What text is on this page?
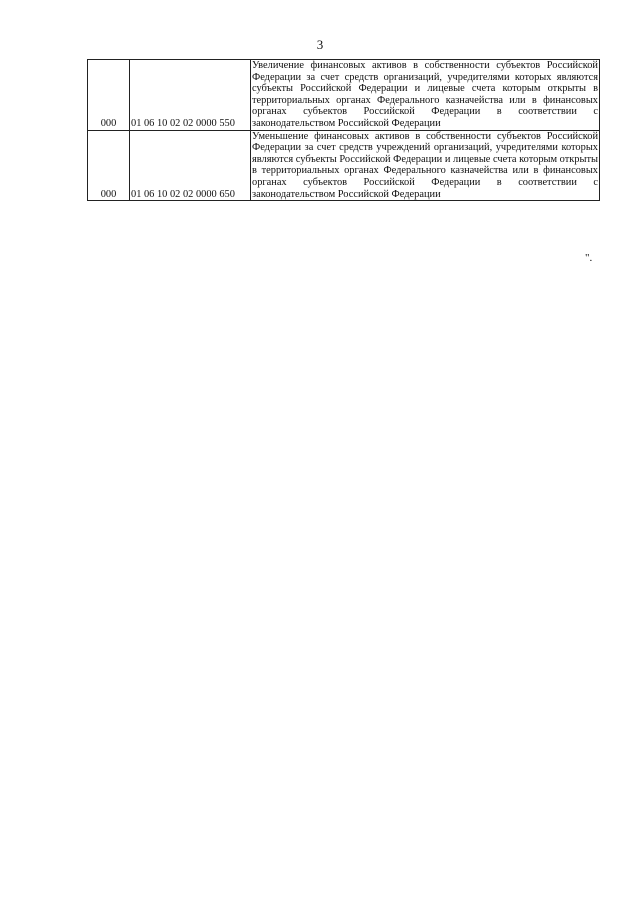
3
000	01 06 10 02 02 0000 550	Увеличение финансовых активов в собственности субъектов Российской Федерации за счет средств организаций, учредителями которых являются субъекты Российской Федерации и лицевые счета которым открыты в территориальных органах Федерального казначейства или в финансовых органах субъектов Российской Федерации в соответствии с законодательством Российской Федерации
000	01 06 10 02 02 0000 650	Уменьшение финансовых активов в собственности субъектов Российской Федерации за счет средств учреждений организаций, учредителями которых являются субъекты Российской Федерации и лицевые счета которым открыты в территориальных органах Федерального казначейства или в финансовых органах субъектов Российской Федерации в соответствии с законодательством Российской Федерации
".
